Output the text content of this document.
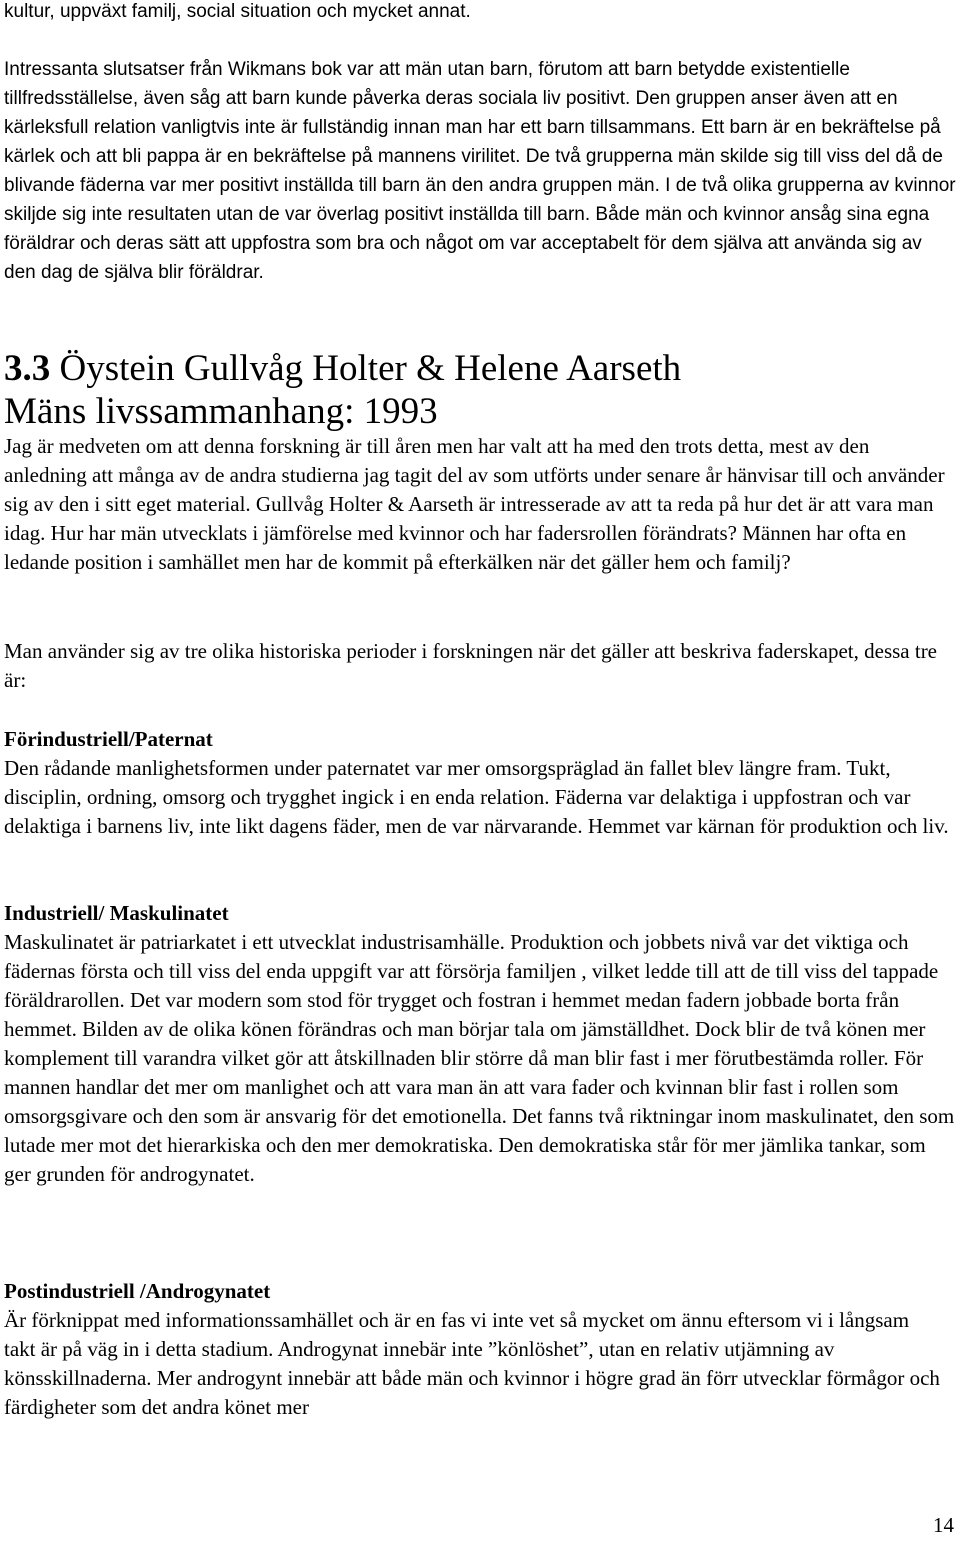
kultur, uppväxt familj, social situation och mycket annat.

Intressanta slutsatser från Wikmans bok var att män utan barn, förutom att barn betydde existentielle tillfredsställelse, även såg att barn kunde påverka deras sociala liv positivt. Den gruppen anser även att en kärleksfull relation vanligtvis inte är fullständig innan man har ett barn tillsammans. Ett barn är en bekräftelse på kärlek och att bli pappa är en bekräftelse på mannens virilitet. De två grupperna män skilde sig till viss del då de blivande fäderna var mer positivt inställda till barn än den andra gruppen män. I de två olika grupperna av kvinnor skiljde sig inte resultaten utan de var överlag positivt inställda till barn. Både män och kvinnor ansåg sina egna föräldrar och deras sätt att uppfostra som bra och något om var acceptabelt för dem själva att använda sig av den dag de själva blir föräldrar.

3.3 Öystein Gullvåg Holter & Helene Aarseth
Mäns livssammanhang: 1993

Jag är medveten om att denna forskning är till åren men har valt att ha med den trots detta, mest av den anledning att många av de andra studierna jag tagit del av som utförts under senare år hänvisar till och använder sig av den i sitt eget material. Gullvåg Holter & Aarseth är intresserade av att ta reda på hur det är att vara man idag. Hur har män utvecklats i jämförelse med kvinnor och har fadersrollen förändrats? Männen har ofta en ledande position i samhället men har de kommit på efterkälken när det gäller hem och familj?

Man använder sig av tre olika historiska perioder i forskningen när det gäller att beskriva faderskapet, dessa tre är:

Förindustriell/Paternat

Den rådande manlighetsformen under paternatet var mer omsorgspräglad än fallet blev längre fram. Tukt, disciplin, ordning, omsorg och trygghet ingick i en enda relation. Fäderna var delaktiga i uppfostran och var delaktiga i barnens liv, inte likt dagens fäder, men de var närvarande. Hemmet var kärnan för produktion och liv.

Industriell/ Maskulinatet

Maskulinatet är patriarkatet i ett utvecklat industrisamhälle. Produktion och jobbets nivå var det viktiga och fädernas första och till viss del enda uppgift var att försörja familjen , vilket ledde till att de till viss del tappade föräldrarollen. Det var modern som stod för trygget och fostran i hemmet medan fadern jobbade borta från hemmet. Bilden av de olika könen förändras och man börjar tala om jämställdhet. Dock blir de två könen mer komplement till varandra vilket gör att åtskillnaden blir större då man blir fast i mer förutbestämda roller. För mannen handlar det mer om manlighet och att vara man än att vara fader och kvinnan blir fast i rollen som omsorgsgivare och den som är ansvarig för det emotionella. Det fanns två riktningar inom maskulinatet, den som lutade mer mot det hierarkiska och den mer demokratiska. Den demokratiska står för mer jämlika tankar, som ger grunden för androgynatet.

Postindustriell /Androgynatet

Är förknippat med informationssamhället och är en fas vi inte vet så mycket om ännu eftersom vi i långsam takt är på väg in i detta stadium. Androgynat innebär inte ”könlöshet”, utan en relativ utjämning av könsskillnaderna. Mer androgynt innebär att både män och kvinnor i högre grad än förr utvecklar förmågor och färdigheter som det andra könet mer

14
